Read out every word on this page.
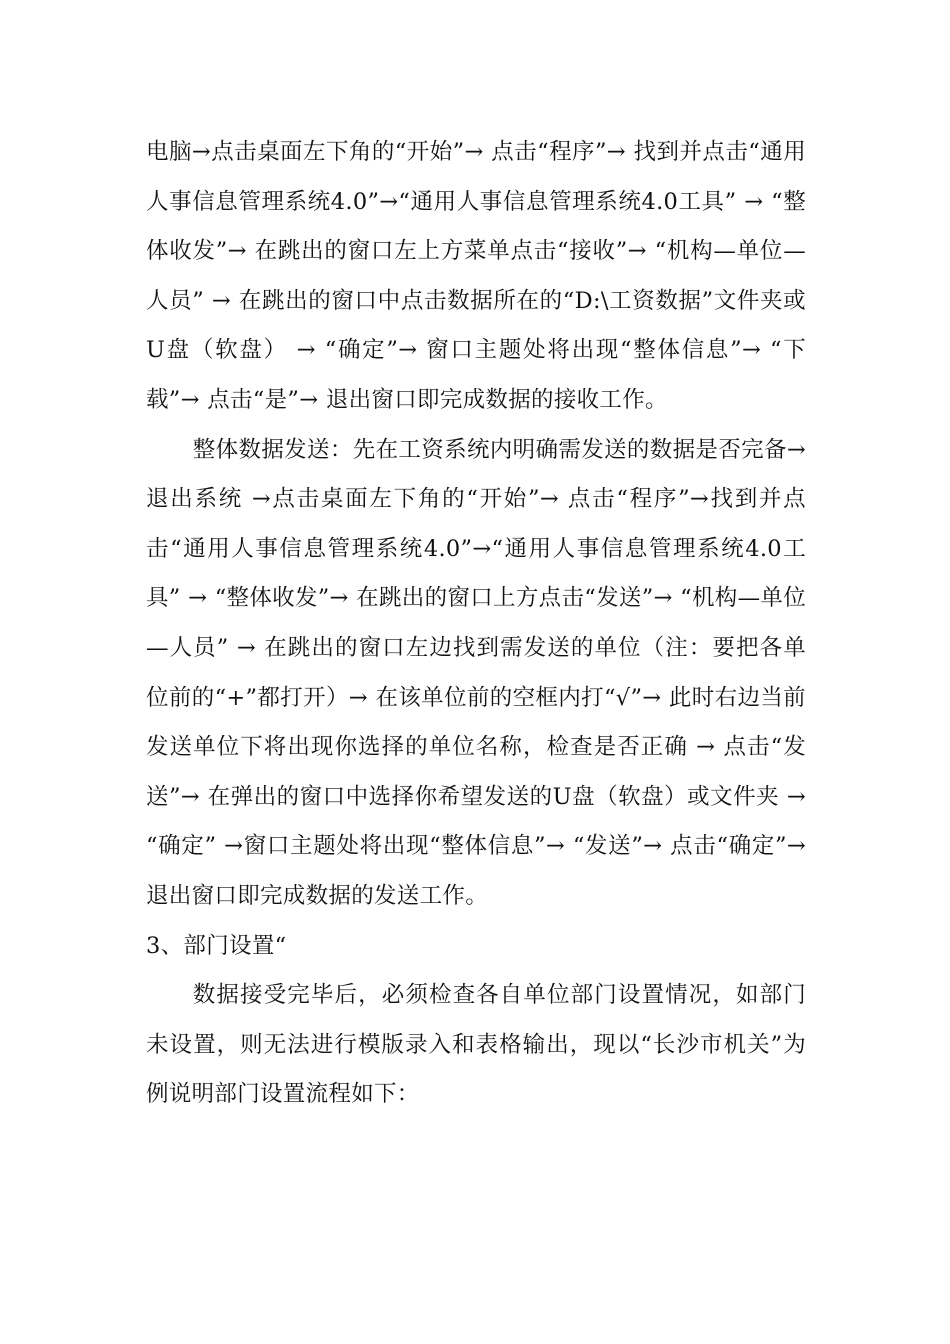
电脑→点击桌面左下角的“开始”→ 点击“程序”→ 找到并点击“通用人事信息管理系统4.0”→“通用人事信息管理系统4.0工具” → “整体收发”→ 在跳出的窗口左上方菜单点击“接收”→ “机构—单位—人员” → 在跳出的窗口中点击数据所在的“D:\工资数据”文件夹或U盘（软盘） → “确定”→ 窗口主题处将出现“整体信息”→ “下载”→ 点击“是”→ 退出窗口即完成数据的接收工作。

整体数据发送：先在工资系统内明确需发送的数据是否完备→ 退出系统 →点击桌面左下角的“开始”→ 点击“程序”→找到并点击“通用人事信息管理系统4.0”→“通用人事信息管理系统4.0工具” → “整体收发”→ 在跳出的窗口上方点击“发送”→ “机构—单位—人员” → 在跳出的窗口左边找到需发送的单位（注：要把各单位前的“+”都打开）→ 在该单位前的空框内打“√”→ 此时右边当前发送单位下将出现你选择的单位名称，检查是否正确 → 点击“发送”→ 在弹出的窗口中选择你希望发送的U盘（软盘）或文件夹 → “确定” →窗口主题处将出现“整体信息”→ “发送”→ 点击“确定”→ 退出窗口即完成数据的发送工作。

3、部门设置“

数据接受完毕后，必须检查各自单位部门设置情况，如部门未设置，则无法进行模版录入和表格输出，现以“长沙市机关”为例说明部门设置流程如下：
